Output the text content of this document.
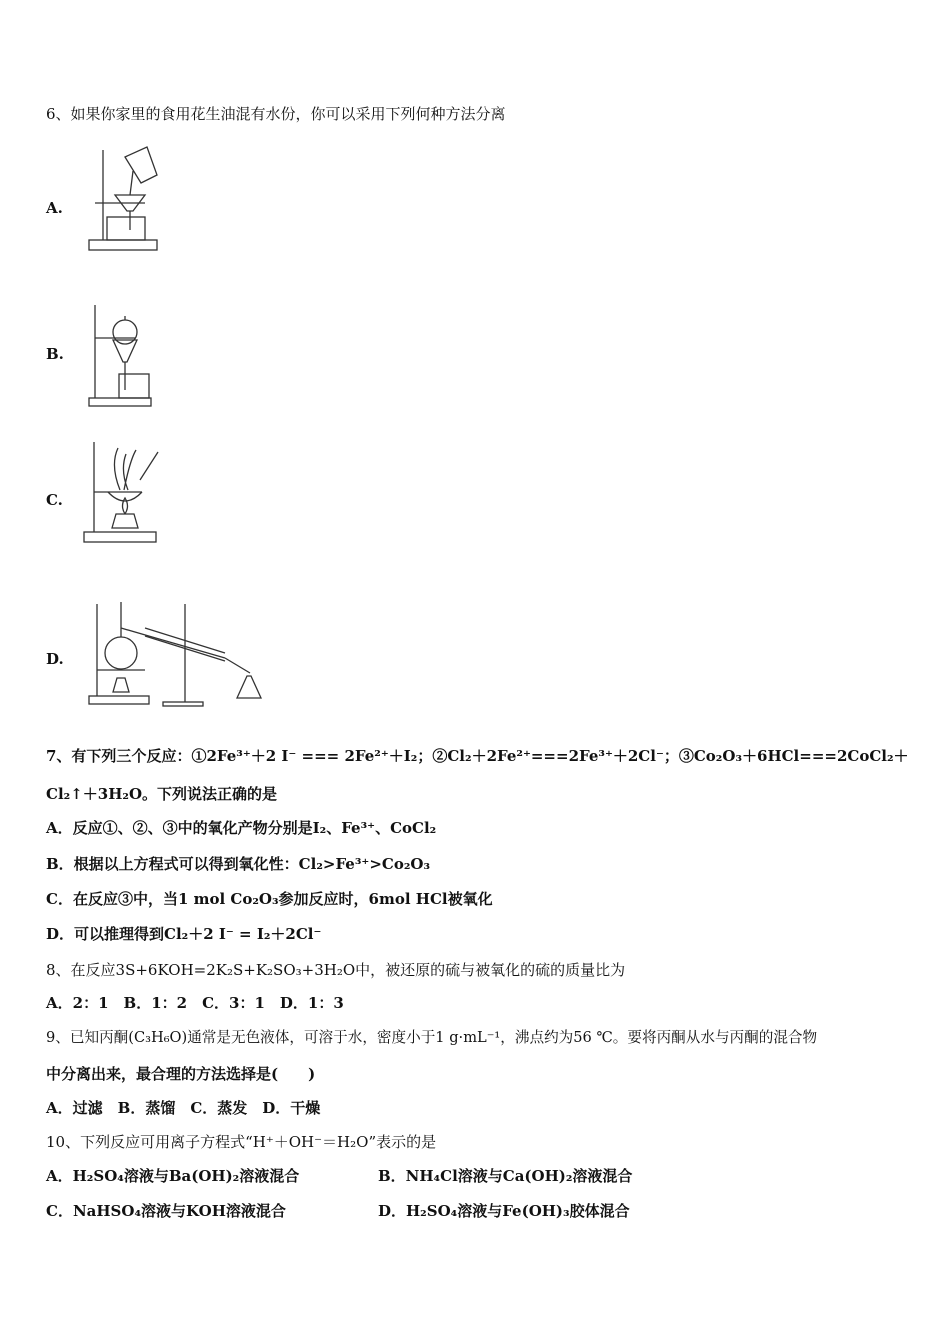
6、如果你家里的食用花生油混有水份，你可以采用下列何种方法分离
A.
B.
C.
D.
7、有下列三个反应：①2Fe³⁺＋2 I⁻ === 2Fe²⁺＋I₂；②Cl₂＋2Fe²⁺===2Fe³⁺＋2Cl⁻；③Co₂O₃＋6HCl===2CoCl₂＋
Cl₂↑＋3H₂O。下列说法正确的是
A．反应①、②、③中的氧化产物分别是I₂、Fe³⁺、CoCl₂
B．根据以上方程式可以得到氧化性：Cl₂>Fe³⁺>Co₂O₃
C．在反应③中，当1 mol Co₂O₃参加反应时，6mol HCl被氧化
D．可以推理得到Cl₂＋2 I⁻ = I₂＋2Cl⁻
8、在反应3S+6KOH=2K₂S+K₂SO₃+3H₂O中，被还原的硫与被氧化的硫的质量比为
A．2：1　B．1：2　C．3：1　D．1：3
9、已知丙酮(C₃H₆O)通常是无色液体，可溶于水，密度小于1 g·mL⁻¹，沸点约为56 ℃。要将丙酮从水与丙酮的混合物
中分离出来，最合理的方法选择是(　　)
A．过滤　B．蒸馏　C．蒸发　D．干燥
10、下列反应可用离子方程式“H⁺＋OH⁻＝H₂O”表示的是
A．H₂SO₄溶液与Ba(OH)₂溶液混合	B．NH₄Cl溶液与Ca(OH)₂溶液混合
C．NaHSO₄溶液与KOH溶液混合	D．H₂SO₄溶液与Fe(OH)₃胶体混合
